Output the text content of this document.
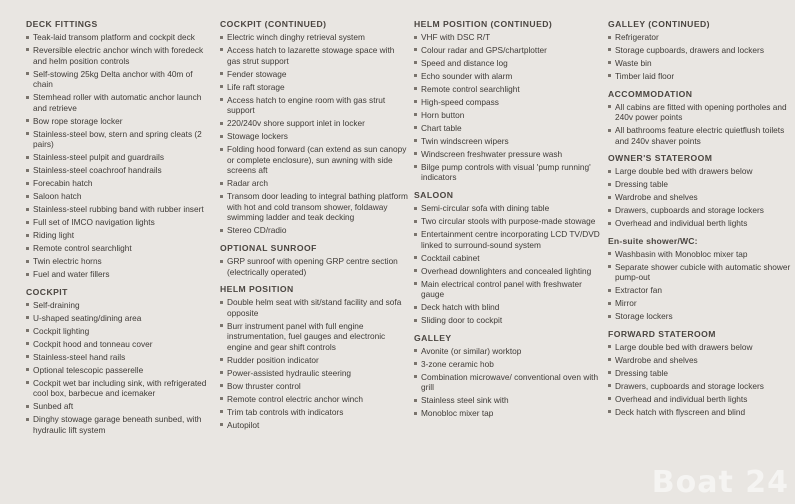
DECK FITTINGS
Teak-laid transom platform and cockpit deck
Reversible electric anchor winch with foredeck and helm position controls
Self-stowing 25kg Delta anchor with 40m of chain
Stemhead roller with automatic anchor launch and retrieve
Bow rope storage locker
Stainless-steel bow, stern and spring cleats (2 pairs)
Stainless-steel pulpit and guardrails
Stainless-steel coachroof handrails
Forecabin hatch
Saloon hatch
Stainless-steel rubbing band with rubber insert
Full set of IMCO navigation lights
Riding light
Remote control searchlight
Twin electric horns
Fuel and water fillers
COCKPIT
Self-draining
U-shaped seating/dining area
Cockpit lighting
Cockpit hood and tonneau cover
Stainless-steel hand rails
Optional telescopic passerelle
Cockpit wet bar including sink, with refrigerated cool box, barbecue and icemaker
Sunbed aft
Dinghy stowage garage beneath sunbed, with hydraulic lift system
COCKPIT (CONTINUED)
Electric winch dinghy retrieval system
Access hatch to lazarette stowage space with gas strut support
Fender stowage
Life raft storage
Access hatch to engine room with gas strut support
220/240v shore support inlet in locker
Stowage lockers
Folding hood forward (can extend as sun canopy or complete enclosure), sun awning with side screens aft
Radar arch
Transom door leading to integral bathing platform with hot and cold transom shower, foldaway swimming ladder and teak decking
Stereo CD/radio
OPTIONAL SUNROOF
GRP sunroof with opening GRP centre section (electrically operated)
HELM POSITION
Double helm seat with sit/stand facility and sofa opposite
Burr instrument panel with full engine instrumentation, fuel gauges and electronic engine and gear shift controls
Rudder position indicator
Power-assisted hydraulic steering
Bow thruster control
Remote control electric anchor winch
Trim tab controls with indicators
Autopilot
HELM POSITION (CONTINUED)
VHF with DSC R/T
Colour radar and GPS/chartplotter
Speed and distance log
Echo sounder with alarm
Remote control searchlight
High-speed compass
Horn button
Chart table
Twin windscreen wipers
Windscreen freshwater pressure wash
Bilge pump controls with visual 'pump running' indicators
SALOON
Semi-circular sofa with dining table
Two circular stools with purpose-made stowage
Entertainment centre incorporating LCD TV/DVD linked to surround-sound system
Cocktail cabinet
Overhead downlighters and concealed lighting
Main electrical control panel with freshwater gauge
Deck hatch with blind
Sliding door to cockpit
GALLEY
Avonite (or similar) worktop
3-zone ceramic hob
Combination microwave/ conventional oven with grill
Stainless steel sink with
Monobloc mixer tap
GALLEY (CONTINUED)
Refrigerator
Storage cupboards, drawers and lockers
Waste bin
Timber laid floor
ACCOMMODATION
All cabins are fitted with opening portholes and 240v power points
All bathrooms feature electric quietflush toilets and 240v shaver points
OWNER'S STATEROOM
Large double bed with drawers below
Dressing table
Wardrobe and shelves
Drawers, cupboards and storage lockers
Overhead and individual berth lights
En-suite shower/WC:
Washbasin with Monobloc mixer tap
Separate shower cubicle with automatic shower pump-out
Extractor fan
Mirror
Storage lockers
FORWARD STATEROOM
Large double bed with drawers below
Wardrobe and shelves
Dressing table
Drawers, cupboards and storage lockers
Overhead and individual berth lights
Deck hatch with flyscreen and blind
Boat 24
